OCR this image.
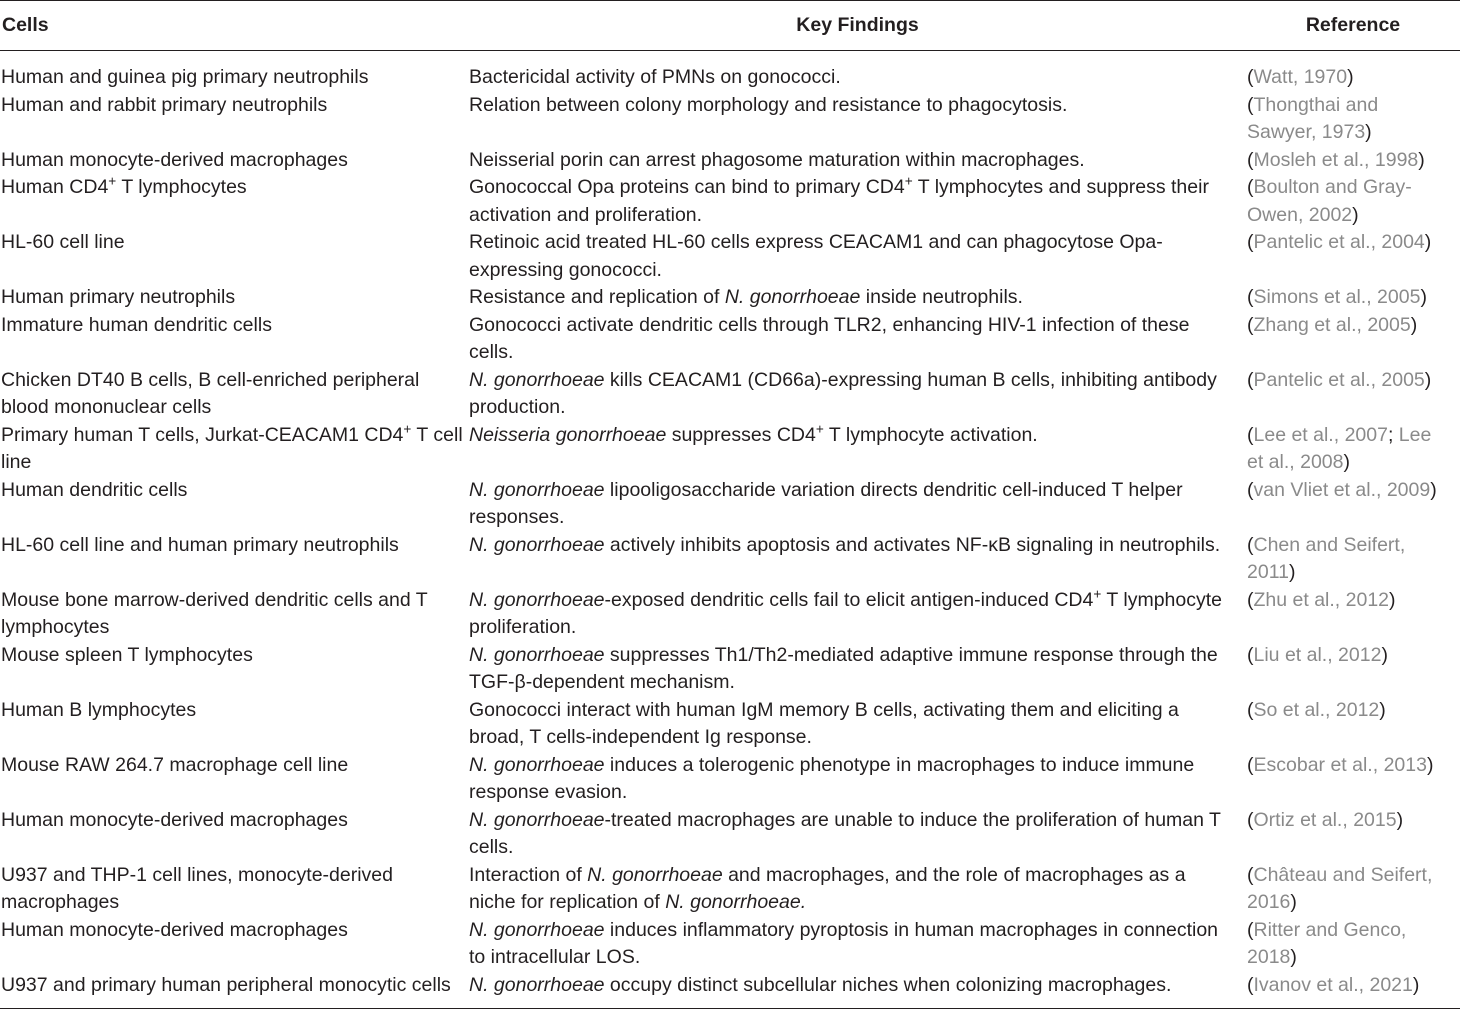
Cells	Key Findings	Reference
Human and guinea pig primary neutrophils	Bactericidal activity of PMNs on gonococci.	(Watt, 1970)

Human and rabbit primary neutrophils	Relation between colony morphology and resistance to phagocytosis.	(Thongthai and Sawyer, 1973)

Human monocyte-derived macrophages	Neisserial porin can arrest phagosome maturation within macrophages.	(Mosleh et al., 1998)

Human CD4+ T lymphocytes	Gonococcal Opa proteins can bind to primary CD4+ T lymphocytes and suppress their activation and proliferation.	(Boulton and Gray-Owen, 2002)

HL-60 cell line	Retinoic acid treated HL-60 cells express CEACAM1 and can phagocytose Opa-expressing gonococci.	(Pantelic et al., 2004)

Human primary neutrophils	Resistance and replication of N. gonorrhoeae inside neutrophils.	(Simons et al., 2005)

Immature human dendritic cells	Gonococci activate dendritic cells through TLR2, enhancing HIV-1 infection of these cells.	(Zhang et al., 2005)

Chicken DT40 B cells, B cell-enriched peripheral blood mononuclear cells	N. gonorrhoeae kills CEACAM1 (CD66a)-expressing human B cells, inhibiting antibody production.	(Pantelic et al., 2005)

Primary human T cells, Jurkat-CEACAM1 CD4+ T cell line	Neisseria gonorrhoeae suppresses CD4+ T lymphocyte activation.	(Lee et al., 2007; Lee et al., 2008)

Human dendritic cells	N. gonorrhoeae lipooligosaccharide variation directs dendritic cell-induced T helper responses.	(van Vliet et al., 2009)

HL-60 cell line and human primary neutrophils	N. gonorrhoeae actively inhibits apoptosis and activates NF-κB signaling in neutrophils.	(Chen and Seifert, 2011)

Mouse bone marrow-derived dendritic cells and T lymphocytes	N. gonorrhoeae-exposed dendritic cells fail to elicit antigen-induced CD4+ T lymphocyte proliferation.	(Zhu et al., 2012)

Mouse spleen T lymphocytes	N. gonorrhoeae suppresses Th1/Th2-mediated adaptive immune response through the TGF-β-dependent mechanism.	(Liu et al., 2012)

Human B lymphocytes	Gonococci interact with human IgM memory B cells, activating them and eliciting a broad, T cells-independent Ig response.	(So et al., 2012)

Mouse RAW 264.7 macrophage cell line	N. gonorrhoeae induces a tolerogenic phenotype in macrophages to induce immune response evasion.	(Escobar et al., 2013)

Human monocyte-derived macrophages	N. gonorrhoeae-treated macrophages are unable to induce the proliferation of human T cells.	(Ortiz et al., 2015)

U937 and THP-1 cell lines, monocyte-derived macrophages	Interaction of N. gonorrhoeae and macrophages, and the role of macrophages as a niche for replication of N. gonorrhoeae.	(Château and Seifert, 2016)

Human monocyte-derived macrophages	N. gonorrhoeae induces inflammatory pyroptosis in human macrophages in connection to intracellular LOS.	(Ritter and Genco, 2018)

U937 and primary human peripheral monocytic cells	N. gonorrhoeae occupy distinct subcellular niches when colonizing macrophages.	(Ivanov et al., 2021)
